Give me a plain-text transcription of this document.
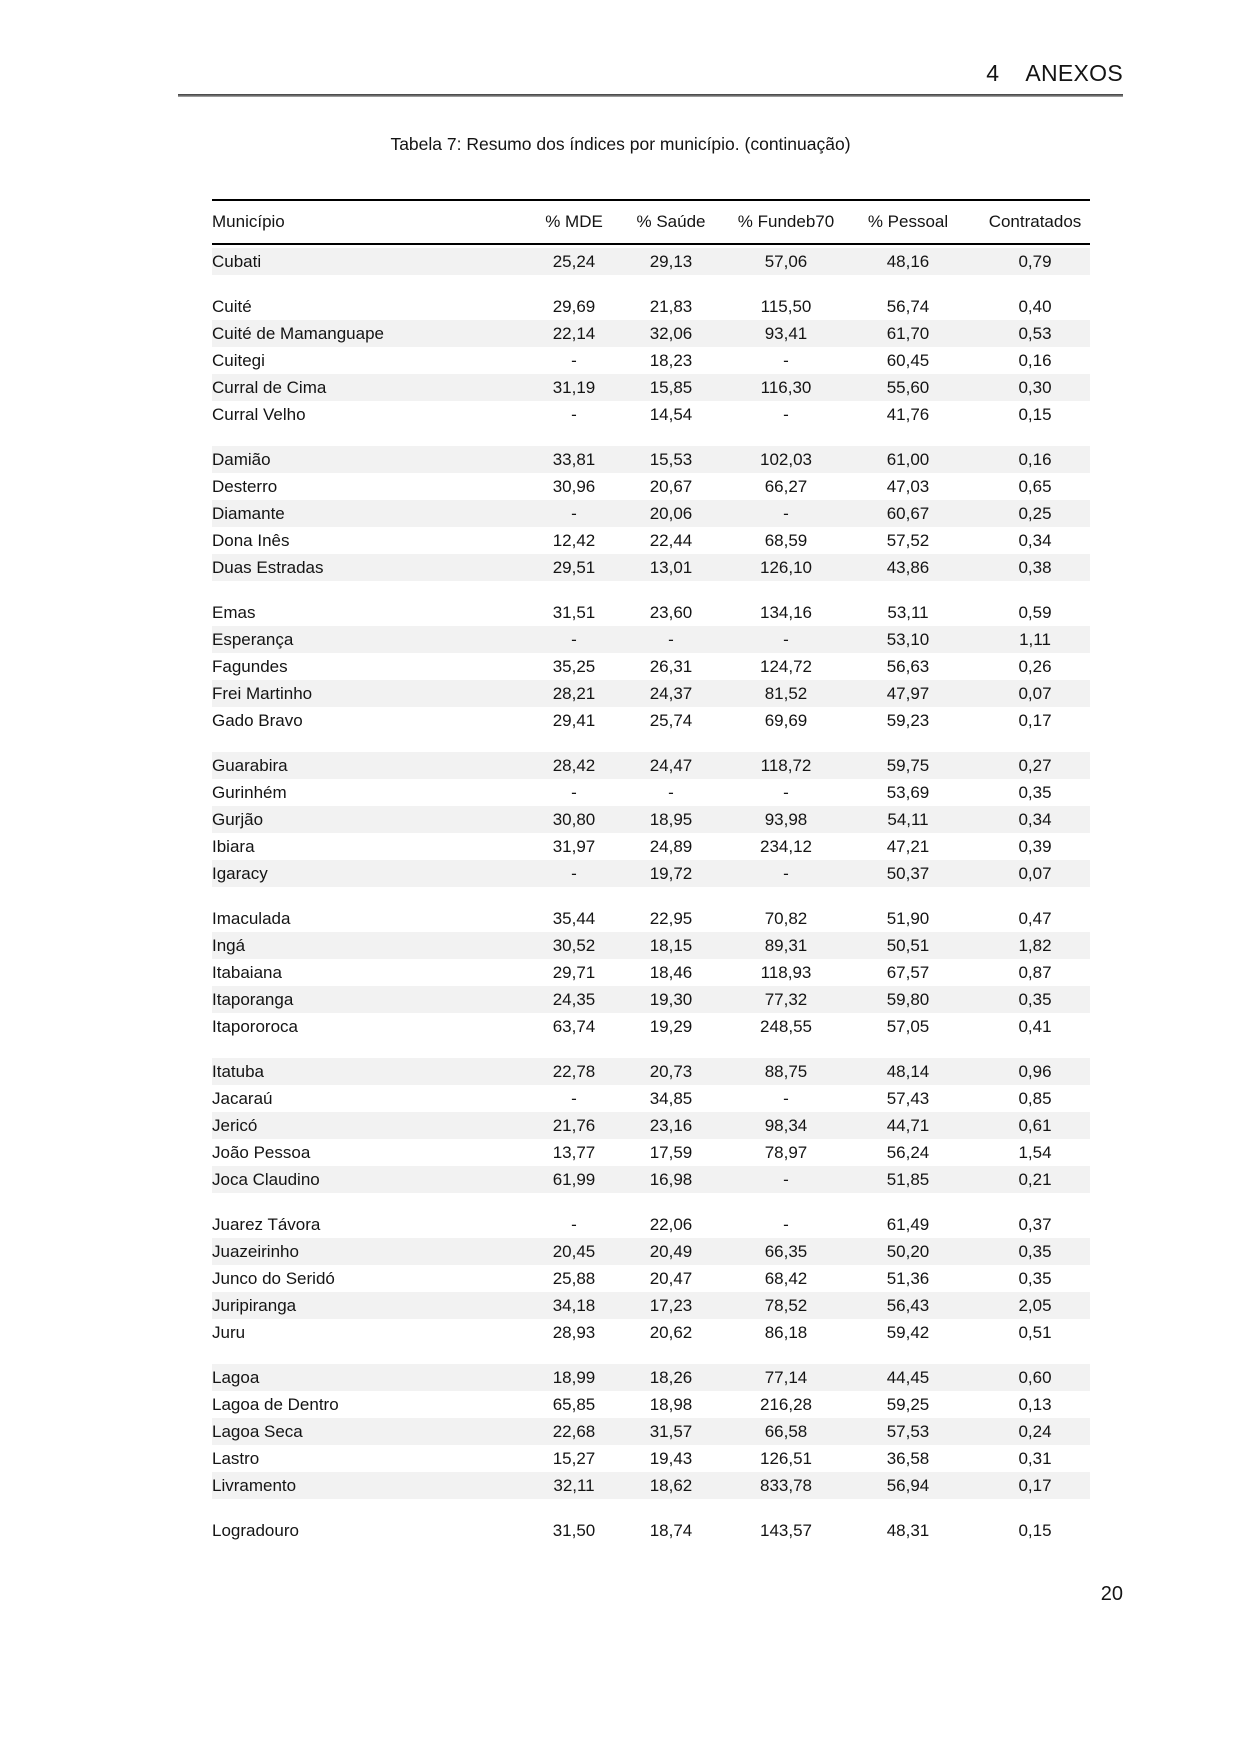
4 ANEXOS
Tabela 7: Resumo dos índices por município. (continuação)
Município	% MDE	% Saúde	% Fundeb70	% Pessoal	Contratados

Cubati	25,24	29,13	57,06	48,16	0,79

Cuité	29,69	21,83	115,50	56,74	0,40
Cuité de Mamanguape	22,14	32,06	93,41	61,70	0,53
Cuitegi	-	18,23	-	60,45	0,16
Curral de Cima	31,19	15,85	116,30	55,60	0,30
Curral Velho	-	14,54	-	41,76	0,15

Damião	33,81	15,53	102,03	61,00	0,16
Desterro	30,96	20,67	66,27	47,03	0,65
Diamante	-	20,06	-	60,67	0,25
Dona Inês	12,42	22,44	68,59	57,52	0,34
Duas Estradas	29,51	13,01	126,10	43,86	0,38

Emas	31,51	23,60	134,16	53,11	0,59
Esperança	-	-	-	53,10	1,11
Fagundes	35,25	26,31	124,72	56,63	0,26
Frei Martinho	28,21	24,37	81,52	47,97	0,07
Gado Bravo	29,41	25,74	69,69	59,23	0,17

Guarabira	28,42	24,47	118,72	59,75	0,27
Gurinhém	-	-	-	53,69	0,35
Gurjão	30,80	18,95	93,98	54,11	0,34
Ibiara	31,97	24,89	234,12	47,21	0,39
Igaracy	-	19,72	-	50,37	0,07

Imaculada	35,44	22,95	70,82	51,90	0,47
Ingá	30,52	18,15	89,31	50,51	1,82
Itabaiana	29,71	18,46	118,93	67,57	0,87
Itaporanga	24,35	19,30	77,32	59,80	0,35
Itapororoca	63,74	19,29	248,55	57,05	0,41

Itatuba	22,78	20,73	88,75	48,14	0,96
Jacaraú	-	34,85	-	57,43	0,85
Jericó	21,76	23,16	98,34	44,71	0,61
João Pessoa	13,77	17,59	78,97	56,24	1,54
Joca Claudino	61,99	16,98	-	51,85	0,21

Juarez Távora	-	22,06	-	61,49	0,37
Juazeirinho	20,45	20,49	66,35	50,20	0,35
Junco do Seridó	25,88	20,47	68,42	51,36	0,35
Juripiranga	34,18	17,23	78,52	56,43	2,05
Juru	28,93	20,62	86,18	59,42	0,51

Lagoa	18,99	18,26	77,14	44,45	0,60
Lagoa de Dentro	65,85	18,98	216,28	59,25	0,13
Lagoa Seca	22,68	31,57	66,58	57,53	0,24
Lastro	15,27	19,43	126,51	36,58	0,31
Livramento	32,11	18,62	833,78	56,94	0,17

Logradouro	31,50	18,74	143,57	48,31	0,15
20
